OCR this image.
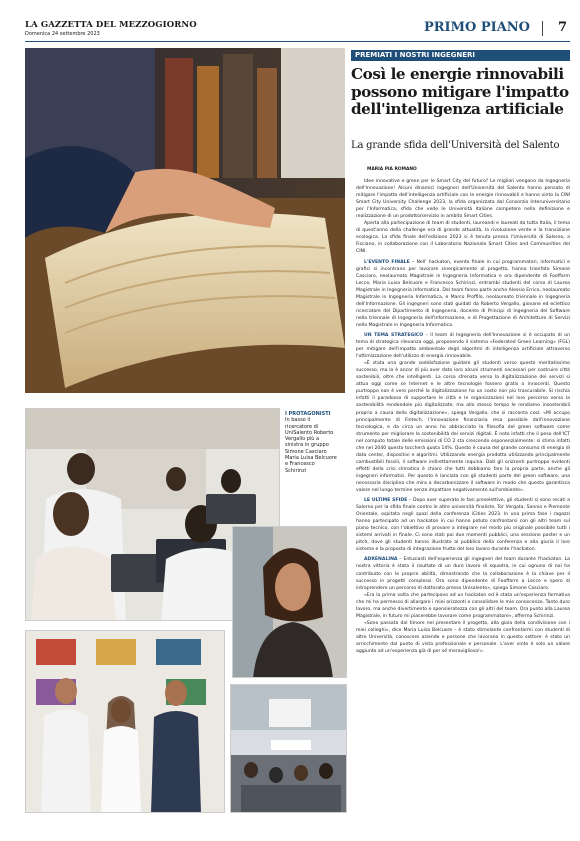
LA GAZZETTA DEL MEZZOGIORNO
Domenica 24 settembre 2023	PRIMO PIANO 7
PREMIATI I NOSTRI INGEGNERI
Così le energie rinnovabili possono mitigare l'impatto dell'intelligenza artificiale
La grande sfida dell'Università del Salento
MARIA PIA ROMANO

Idee innovative e green per le Smart City del futuro? Le migliori vengono da Ingegneria dell'Innovazione! Alcuni dinamici ingegneri dell'Università del Salento hanno pensato di mitigare l'impatto dell'intelligenza artificiale con le energie rinnovabili e hanno vinto la CINI Smart City University Challenge 2023, la sfida organizzata dal Consorzio Interuniversitario per l'Informatica, sfida che vede le Università italiane competere nella definizione e realizzazione di un prodotto/servizio in ambito Smart Cities.

Aperta alla partecipazione di team di studenti, laureandi e laureati da tutta Italia, il tema di quest'anno della challenge era di grande attualità, la rivoluzione verde e la transizione ecologica. La sfida finale dell'edizione 2023 si è tenuta presso l'Università di Salerno, a Fisciano, in collaborazione con il Laboratorio Nazionale Smart Cities and Communities del CINI.

L'EVENTO FINALE – Nell' hackaton, evento finale in cui programmatori, informatici e grafici si incontrano per lavorare sinergicamente al progetto, hanno trionfato Simone Casciaro, neolaureato Magistrale in Ingegneria Informatica e ora dipendente di Fooffarm Lecce, Maria Luisa Belcuore e Francesco Schirinzi, entrambi studenti del corso di Laurea Magistrale in Ingegneria Informatica. Del team fanno parte anche Alessio Errico, neolaureato Magistrale in Ingegneria Informatica, e Marco Proffilo, neolaureato triennale in Ingegneria dell'Informazione. Gli ingegneri sono stati guidati da Roberto Vergallo, giovane ed eclettico ricercatore del Dipartimento di Ingegneria, docente di Principi di Ingegneria del Software nella triennale di Ingegneria dell'Informazione, e di Progettazione di Architetture di Servizi nella Magistrale in Ingegneria Informatica.

UN TEMA STRATEGICO – Il team di Ingegneria dell'Innovazione si è occupato di un tema di strategica rilevanza oggi, proponendo il sistema «Federated Green Learning» (FGL) per mitigare dell'impatto ambientale degli algoritmi di intelligenza artificiale attraverso l'ottimizzazione dell'utilizzo di energia rinnovabile.

«È stata una grande soddisfazione guidare gli studenti verso questo meritatissimo successo, ma lo è ancor di più aver dato loro alcuni strumenti necessari per costruire città sostenibili, oltre che intelligenti. La corsa sfrenata verso la digitalizzazione dei servizi si attua oggi come se Internet e le altre tecnologie fossero gratis o innocenti. Questo purtroppo non è vero perché la digitalizzazione ha un costo non più trascurabile. Si rischia infatti il paradosso di supportare le città e le organizzazioni nel loro percorso verso la sostenibilità rendendole più digitalizzate, ma allo stesso tempo le rendiamo insostenibili proprio a causa della digitalizzazione», spiega Vergallo, che si racconta così: «Mi occupo principalmente di Fintech, l'innovazione finanziaria resa possibile dall'innovazione tecnologica, e da circa un anno ho abbracciato la filosofia del green software come strumento per migliorare la sostenibilità dei servizi digitali. È noto infatti che il peso dell'ICT nel computo totale delle emissioni di CO 2 sta crescendo esponenzialmente: si stima infatti che nel 2040 questo toccherà quota 14%. Questo è causa del grande consumo di energia di data center, dispositivi e algoritmi. Utilizzando energia prodotta utilizzando principalmente combustibili fossili, il software indirettamente inquina. Dati gli orizzonti purtroppo evidenti effetti della crisi climatica è chiaro che tutti dobbiamo fare la propria parte, anche gli ingegneri informatici. Per questo è lanciata con gli studenti parte del green software, una necessaria disciplina che mira a decarbonizzare il software in modo che questo garantisca valore nel lungo termine senza impattare negativamente sull'ambiente».

LE ULTIME SFIDE – Dopo aver superato le fasi preselettive, gli studenti si sono recati a Salerno per la sfida finale contro le altre università finaliste, Tor Vergata, Sannio e Piemonte Orientale, ospitata negli spazi della conferenza iCities 2023. In una prima fase i ragazzi hanno partecipato ad un hackaton in cui hanno potuto confrontarsi con gli altri team sul piano tecnico, con l'obiettivo di provare a integrare nel modo più originale possibile tutti i sistemi arrivati in finale. Ci sono stati poi due momenti pubblici, una sessione poster e un pitch, dove gli studenti hanno illustrato al pubblico della conferenza e alla giuria il loro sistema e la proposta di integrazione frutto del loro lavoro durante l'hackaton.

ADRENALINA – Entusiasti dell'esperienza gli ingegneri del team durante l'hackaton. La nostra vittoria è stata il risultato di un duro lavoro di squadra, in cui ognuno di noi ha contribuito con le proprie abilità, dimostrando che la collaborazione è la chiave per il successo in progetti complessi. Ora sono dipendente di Fooffarm a Lecce e spero di intraprendere un percorso di dottorato presso Unisalento», spiega Simone Casciaro.

«Era la prima volta che partecipavo ad un hackaton ed è stata un'esperienza formativa che mi ha permesso di allargare i miei orizzonti e consolidare le mie conoscenze. Tanto duro lavoro, ma anche divertimento e spensieratezza con gli altri del team. Ora punto alla Laurea Magistrale, in futuro mi piacerebbe lavorare come programmatore», afferma Schirinzi.

«Sono passata dal timore nel presentare il progetto, alla gioia della condivisione con i miei colleghi», dice Maria Luisa Belcuore – è stato stimolante confrontarmi con studenti di altre Università, conoscere aziende e persone che lavorano in questo settore: è stato un arricchimento dal punto di vista professionale e personale. L'aver vinto è solo un valore aggiunto ad un'esperienza già di per sé meravigliosa!».

I PROTAGONISTI
In basso il ricercatore di UniSalento Roberto Vergallo più a sinistra in gruppo Simone Casciaro Maria Luisa Belcuore e Francesco Schirinzi
